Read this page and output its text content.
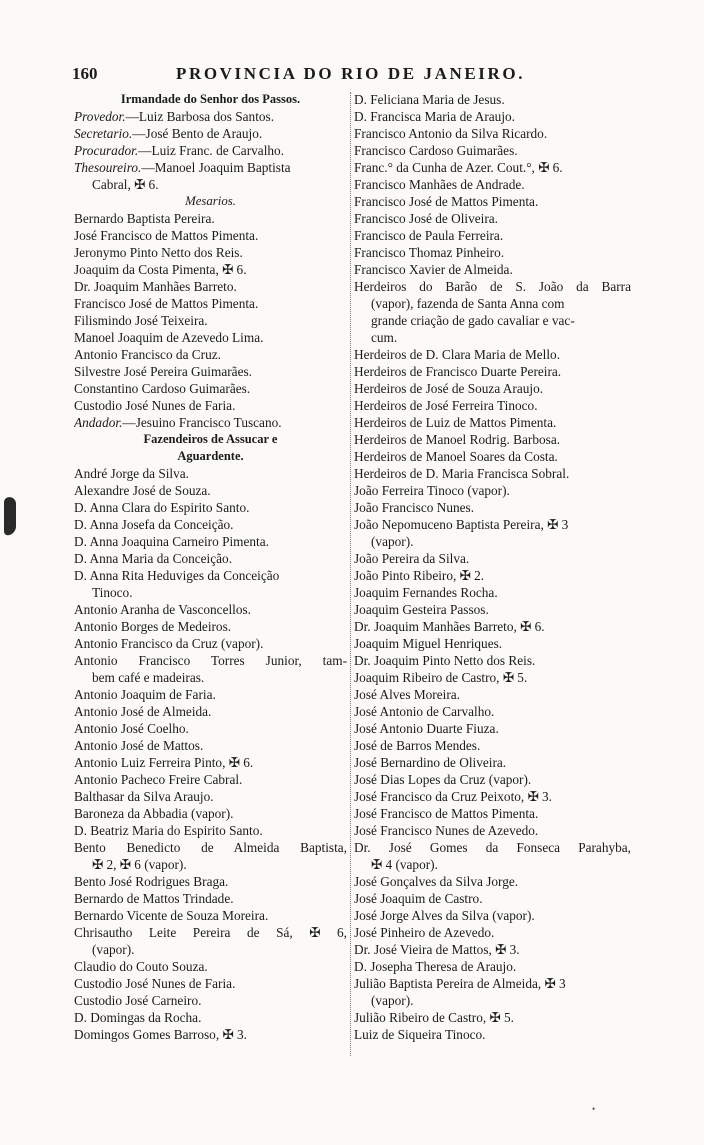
160	PROVINCIA DO RIO DE JANEIRO.
Irmandade do Senhor dos Passos.
Provedor.—Luiz Barbosa dos Santos.
Secretario.—José Bento de Araujo.
Procurador.—Luiz Franc. de Carvalho.
Thesoureiro.—Manoel Joaquim Baptista
Cabral, ✠ 6.
Mesarios.
Bernardo Baptista Pereira.
José Francisco de Mattos Pimenta.
Jeronymo Pinto Netto dos Reis.
Joaquim da Costa Pimenta, ✠ 6.
Dr. Joaquim Manhães Barreto.
Francisco José de Mattos Pimenta.
Filismindo José Teixeira.
Manoel Joaquim de Azevedo Lima.
Antonio Francisco da Cruz.
Silvestre José Pereira Guimarães.
Constantino Cardoso Guimarães.
Custodio José Nunes de Faria.
Andador.—Jesuino Francisco Tuscano.
Fazendeiros de Assucar e
Aguardente.
André Jorge da Silva.
Alexandre José de Souza.
D. Anna Clara do Espirito Santo.
D. Anna Josefa da Conceição.
D. Anna Joaquina Carneiro Pimenta.
D. Anna Maria da Conceição.
D. Anna Rita Heduviges da Conceição
Tinoco.
Antonio Aranha de Vasconcellos.
Antonio Borges de Medeiros.
Antonio Francisco da Cruz (vapor).
Antonio Francisco Torres Junior, tam-
bem café e madeiras.
Antonio Joaquim de Faria.
Antonio José de Almeida.
Antonio José Coelho.
Antonio José de Mattos.
Antonio Luiz Ferreira Pinto, ✠ 6.
Antonio Pacheco Freire Cabral.
Balthasar da Silva Araujo.
Baroneza da Abbadia (vapor).
D. Beatriz Maria do Espirito Santo.
Bento Benedicto de Almeida Baptista,
✠ 2, ✠ 6 (vapor).
Bento José Rodrigues Braga.
Bernardo de Mattos Trindade.
Bernardo Vicente de Souza Moreira.
Chrisautho Leite Pereira de Sá, ✠ 6,
(vapor).
Claudio do Couto Souza.
Custodio José Nunes de Faria.
Custodio José Carneiro.
D. Domingas da Rocha.
Domingos Gomes Barroso, ✠ 3.
D. Feliciana Maria de Jesus.
D. Francisca Maria de Araujo.
Francisco Antonio da Silva Ricardo.
Francisco Cardoso Guimarães.
Franc.° da Cunha de Azer. Cout.°, ✠ 6.
Francisco Manhães de Andrade.
Francisco José de Mattos Pimenta.
Francisco José de Oliveira.
Francisco de Paula Ferreira.
Francisco Thomaz Pinheiro.
Francisco Xavier de Almeida.
Herdeiros do Barão de S. João da Barra
(vapor), fazenda de Santa Anna com
grande criação de gado cavaliar e vac-
cum.
Herdeiros de D. Clara Maria de Mello.
Herdeiros de Francisco Duarte Pereira.
Herdeiros de José de Souza Araujo.
Herdeiros de José Ferreira Tinoco.
Herdeiros de Luiz de Mattos Pimenta.
Herdeiros de Manoel Rodrig. Barbosa.
Herdeiros de Manoel Soares da Costa.
Herdeiros de D. Maria Francisca Sobral.
João Ferreira Tinoco (vapor).
João Francisco Nunes.
João Nepomuceno Baptista Pereira, ✠ 3
(vapor).
João Pereira da Silva.
João Pinto Ribeiro, ✠ 2.
Joaquim Fernandes Rocha.
Joaquim Gesteira Passos.
Dr. Joaquim Manhães Barreto, ✠ 6.
Joaquim Miguel Henriques.
Dr. Joaquim Pinto Netto dos Reis.
Joaquim Ribeiro de Castro, ✠ 5.
José Alves Moreira.
José Antonio de Carvalho.
José Antonio Duarte Fiuza.
José de Barros Mendes.
José Bernardino de Oliveira.
José Dias Lopes da Cruz (vapor).
José Francisco da Cruz Peixoto, ✠ 3.
José Francisco de Mattos Pimenta.
José Francisco Nunes de Azevedo.
Dr. José Gomes da Fonseca Parahyba,
✠ 4 (vapor).
José Gonçalves da Silva Jorge.
José Joaquim de Castro.
José Jorge Alves da Silva (vapor).
José Pinheiro de Azevedo.
Dr. José Vieira de Mattos, ✠ 3.
D. Josepha Theresa de Araujo.
Julião Baptista Pereira de Almeida, ✠ 3
(vapor).
Julião Ribeiro de Castro, ✠ 5.
Luiz de Siqueira Tinoco.
•
